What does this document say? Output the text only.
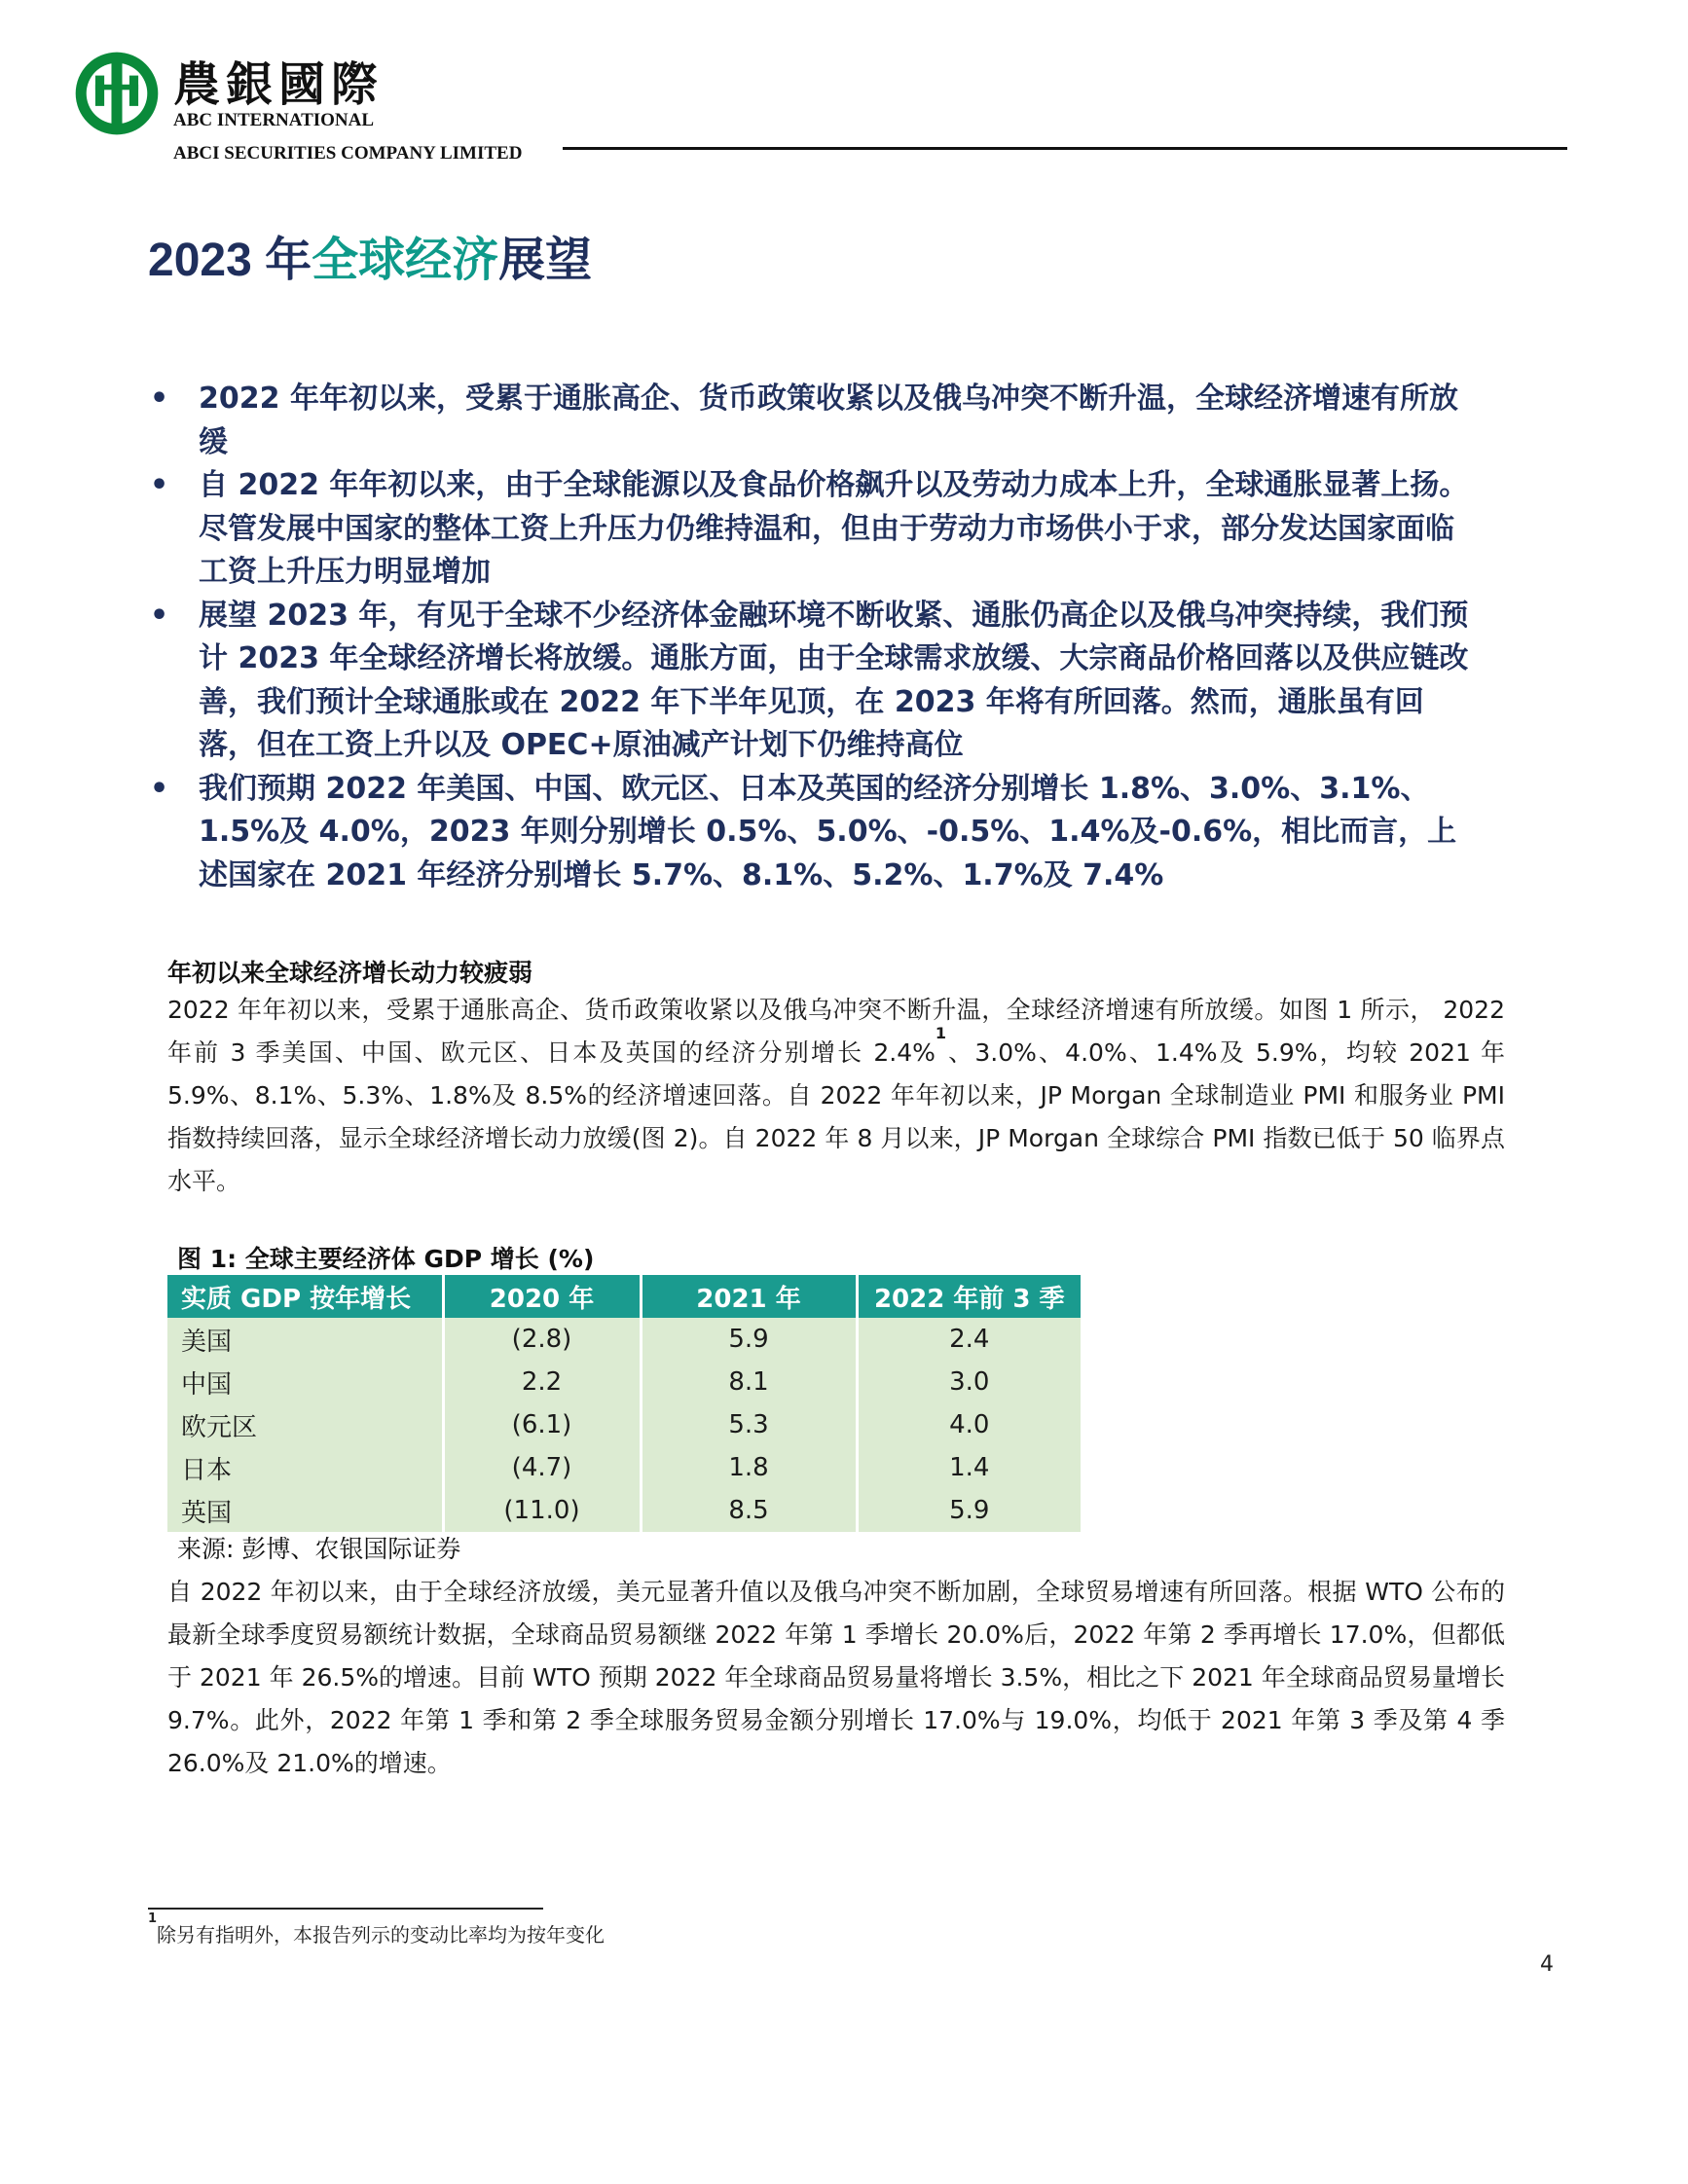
農銀國際
ABC INTERNATIONAL
ABCI SECURITIES COMPANY LIMITED
2023 年全球经济展望
• 2022 年年初以来，受累于通胀高企、货币政策收紧以及俄乌冲突不断升温，全球经济增速有所放缓
• 自 2022 年年初以来，由于全球能源以及食品价格飙升以及劳动力成本上升，全球通胀显著上扬。尽管发展中国家的整体工资上升压力仍维持温和，但由于劳动力市场供小于求，部分发达国家面临工资上升压力明显增加
• 展望 2023 年，有见于全球不少经济体金融环境不断收紧、通胀仍高企以及俄乌冲突持续，我们预计 2023 年全球经济增长将放缓。通胀方面，由于全球需求放缓、大宗商品价格回落以及供应链改善，我们预计全球通胀或在 2022 年下半年见顶，在 2023 年将有所回落。然而，通胀虽有回落，但在工资上升以及 OPEC+原油减产计划下仍维持高位
• 我们预期 2022 年美国、中国、欧元区、日本及英国的经济分别增长 1.8%、3.0%、3.1%、1.5%及 4.0%，2023 年则分别增长 0.5%、5.0%、-0.5%、1.4%及-0.6%，相比而言，上述国家在 2021 年经济分别增长 5.7%、8.1%、5.2%、1.7%及 7.4%
年初以来全球经济增长动力较疲弱
2022 年年初以来，受累于通胀高企、货币政策收紧以及俄乌冲突不断升温，全球经济增速有所放缓。如图 1 所示， 2022 年前 3 季美国、中国、欧元区、日本及英国的经济分别增长 2.4%$^1$、3.0%、4.0%、1.4%及 5.9%，均较 2021 年 5.9%、8.1%、5.3%、1.8%及 8.5%的经济增速回落。自 2022 年年初以来，JP Morgan 全球制造业 PMI 和服务业 PMI 指数持续回落，显示全球经济增长动力放缓(图 2)。自 2022 年 8 月以来，JP Morgan 全球综合 PMI 指数已低于 50 临界点水平。
图 1: 全球主要经济体 GDP 增长 (%)
实质 GDP 按年增长	2020 年	2021 年	2022 年前 3 季
美国	(2.8)	5.9	2.4
中国	2.2	8.1	3.0
欧元区	(6.1)	5.3	4.0
日本	(4.7)	1.8	1.4
英国	(11.0)	8.5	5.9
来源: 彭博、农银国际证券
自 2022 年初以来，由于全球经济放缓，美元显著升值以及俄乌冲突不断加剧，全球贸易增速有所回落。根据 WTO 公布的最新全球季度贸易额统计数据，全球商品贸易额继 2022 年第 1 季增长 20.0%后，2022 年第 2 季再增长 17.0%，但都低于 2021 年 26.5%的增速。目前 WTO 预期 2022 年全球商品贸易量将增长 3.5%，相比之下 2021 年全球商品贸易量增长 9.7%。此外，2022 年第 1 季和第 2 季全球服务贸易金额分别增长 17.0%与 19.0%，均低于 2021 年第 3 季及第 4 季 26.0%及 21.0%的增速。
$^1$除另有指明外，本报告列示的变动比率均为按年变化
4
